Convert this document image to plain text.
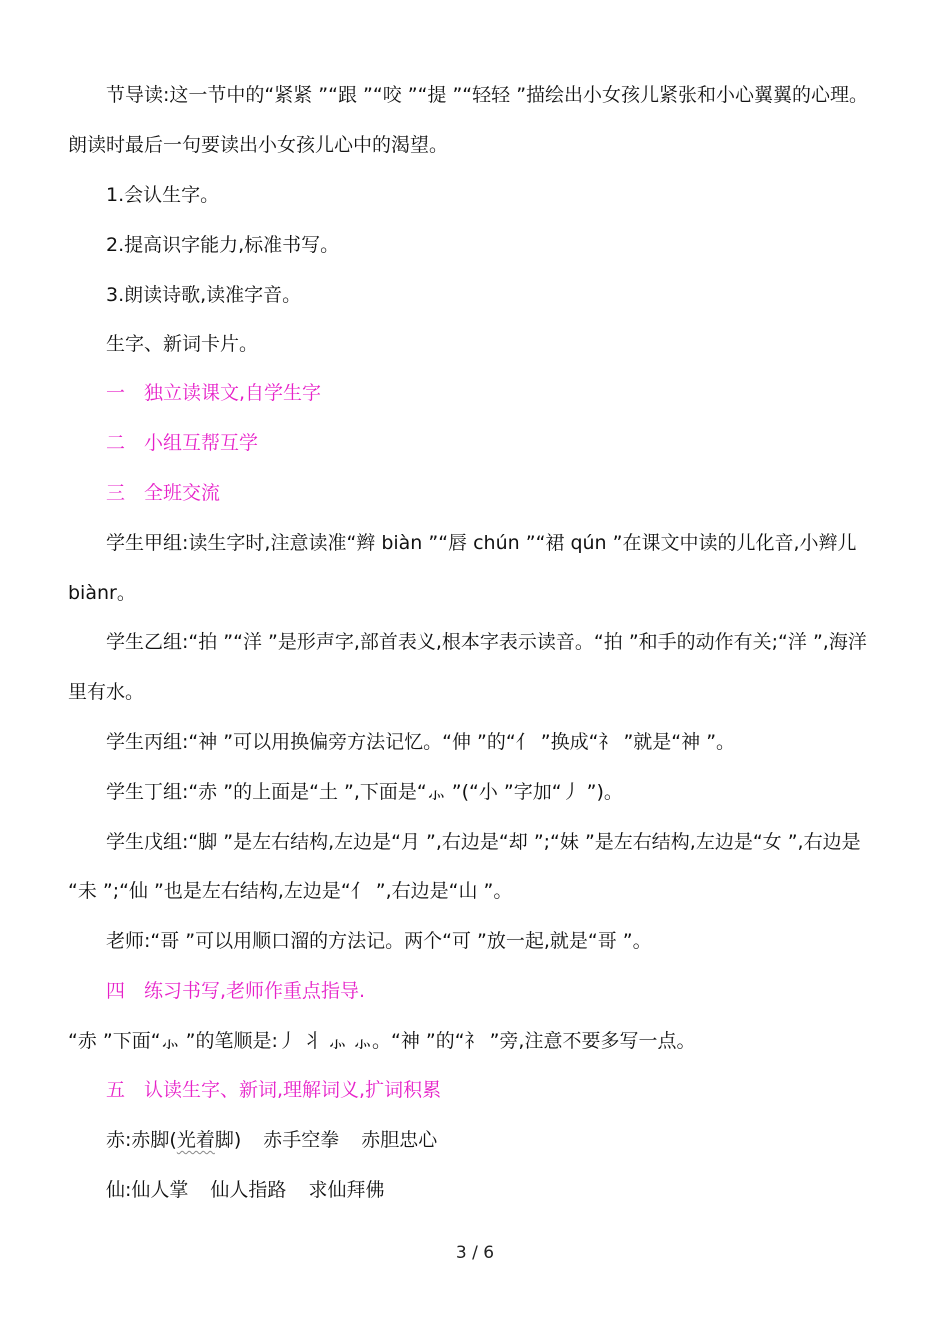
节导读:这一节中的“紧紧 ”“跟 ”“咬 ”“提 ”“轻轻 ”描绘出小女孩儿紧张和小心翼翼的心理。
朗读时最后一句要读出小女孩儿心中的渴望。
1.会认生字。
2.提高识字能力,标准书写。
3.朗读诗歌,读准字音。
生字、新词卡片。
一 独立读课文,自学生字
二 小组互帮互学
三 全班交流
学生甲组:读生字时,注意读准“辫 biàn ”“唇 chún ”“裙 qún ”在课文中读的儿化音,小辫儿
biànr。
学生乙组:“拍 ”“洋 ”是形声字,部首表义,根本字表示读音。“拍 ”和手的动作有关;“洋 ”,海洋
里有水。
学生丙组:“神 ”可以用换偏旁方法记忆。“伸 ”的“亻 ”换成“礻 ”就是“神 ”。
学生丁组:“赤 ”的上面是“土 ”,下面是“⺗ ”(“小 ”字加“丿 ”)。
学生戊组:“脚 ”是左右结构,左边是“月 ”,右边是“却 ”;“妹 ”是左右结构,左边是“女 ”,右边是
“未 ”;“仙 ”也是左右结构,左边是“亻 ”,右边是“山 ”。
老师:“哥 ”可以用顺口溜的方法记。两个“可 ”放一起,就是“哥 ”。
四 练习书写,老师作重点指导.
“赤 ”下面“⺗ ”的笔顺是:丿 丬 ⺗ ⺗。“神 ”的“礻 ”旁,注意不要多写一点。
五 认读生字、新词,理解词义,扩词积累
赤:赤脚(光着脚) 赤手空拳 赤胆忠心
仙:仙人掌 仙人指路 求仙拜佛
3 / 6
